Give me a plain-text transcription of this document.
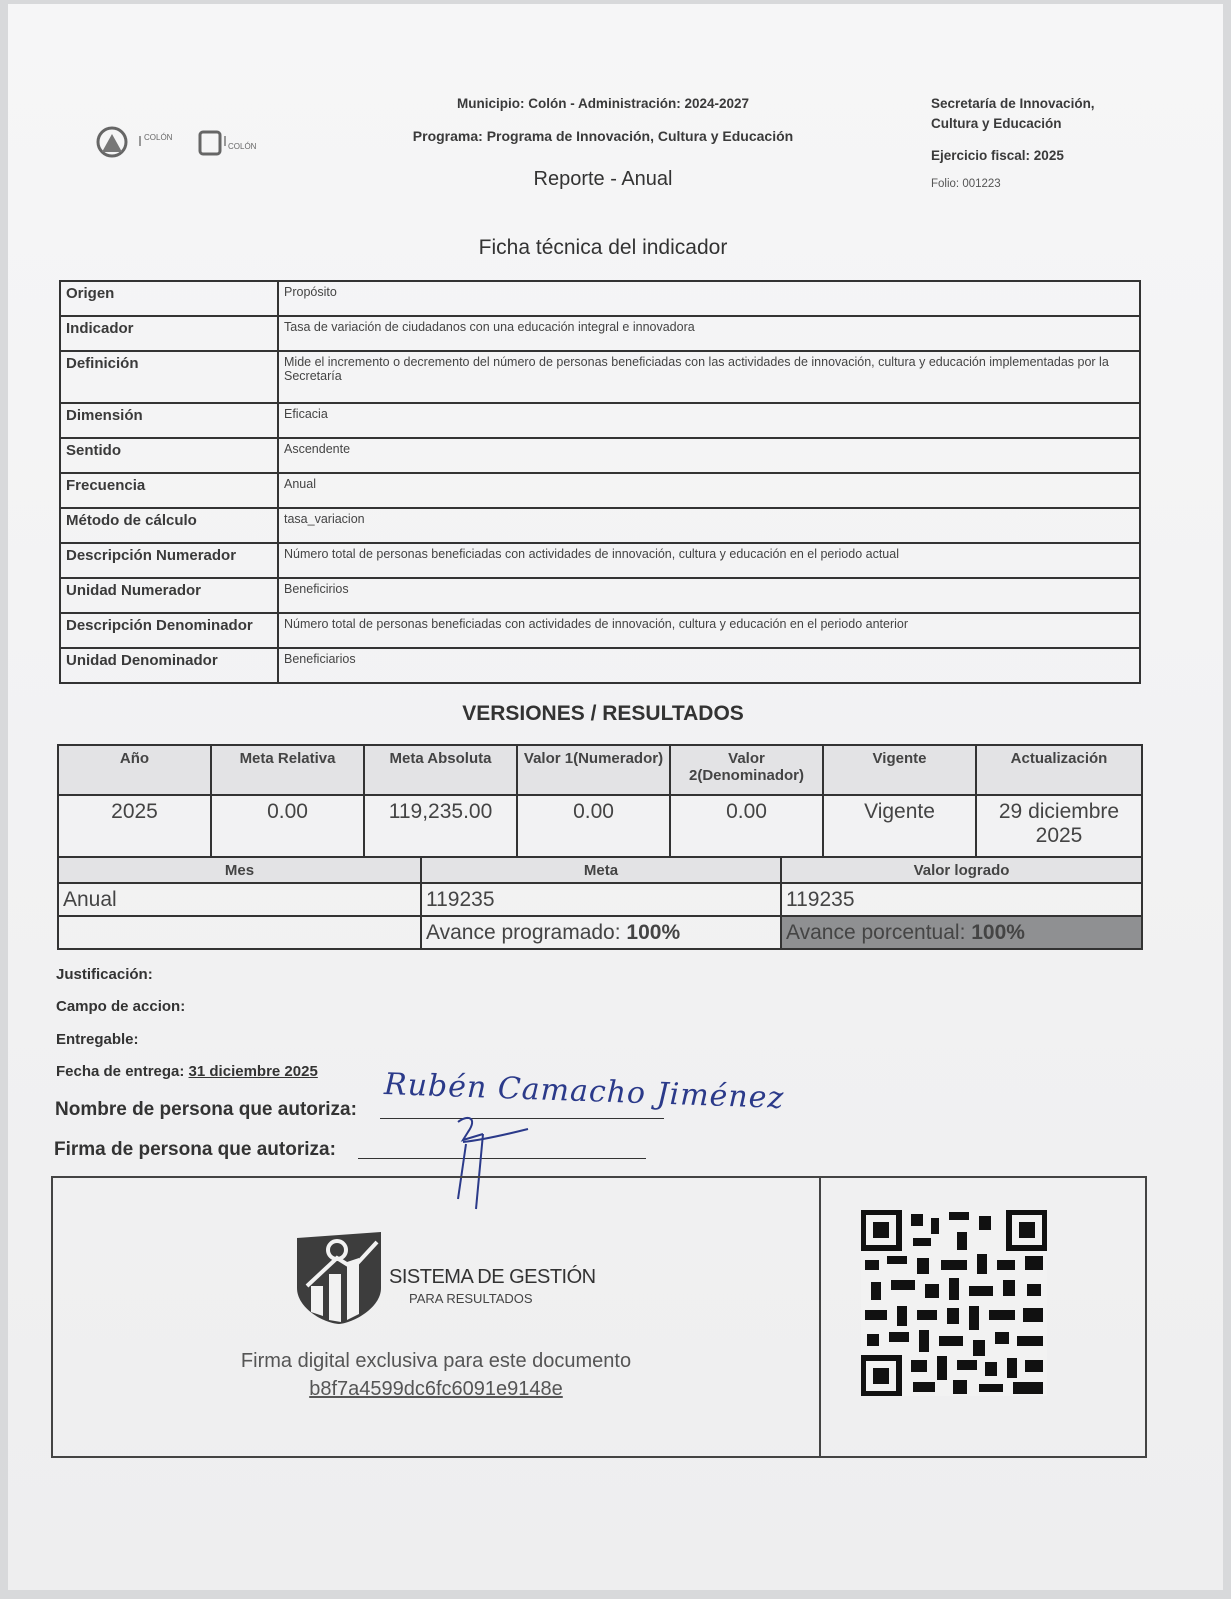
COLÓN
COLÓN
Municipio: Colón - Administración: 2024-2027
Programa: Programa de Innovación, Cultura y Educación
Reporte - Anual
Secretaría de Innovación,
Cultura y Educación
Ejercicio fiscal: 2025
Folio: 001223
Ficha técnica del indicador
Origen	Propósito
Indicador	Tasa de variación de ciudadanos con una educación integral e innovadora
Definición	Mide el incremento o decremento del número de personas beneficiadas con las actividades de innovación, cultura y educación implementadas por la Secretaría
Dimensión	Eficacia
Sentido	Ascendente
Frecuencia	Anual
Método de cálculo	tasa_variacion
Descripción Numerador	Número total de personas beneficiadas con actividades de innovación, cultura y educación en el periodo actual
Unidad Numerador	Beneficirios
Descripción Denominador	Número total de personas beneficiadas con actividades de innovación, cultura y educación en el periodo anterior
Unidad Denominador	Beneficiarios
VERSIONES / RESULTADOS
Año	Meta Relativa	Meta Absoluta	Valor 1(Numerador)	Valor 2(Denominador)	Vigente	Actualización
2025	0.00	119,235.00	0.00	0.00	Vigente	29 diciembre 2025
Mes	Meta	Valor logrado
Anual	119235	119235
	Avance programado: 100%	Avance porcentual: 100%
Justificación:
Campo de accion:
Entregable:
Fecha de entrega: 31 diciembre 2025
Nombre de persona que autoriza: Rubén Camacho Jiménez
Firma de persona que autoriza:
SISTEMA DE GESTIÓN
PARA RESULTADOS
Firma digital exclusiva para este documento
b8f7a4599dc6fc6091e9148e
